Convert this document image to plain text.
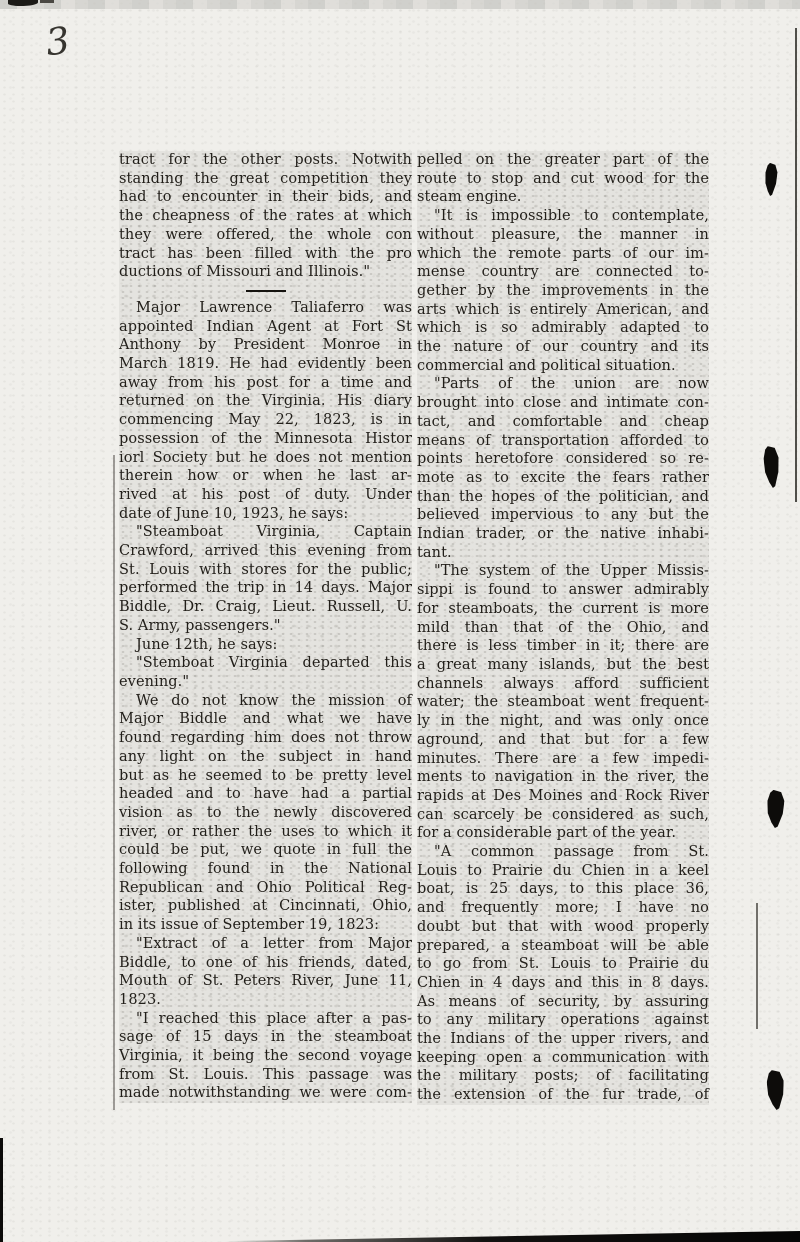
3
tract for the other posts. Notwith
standing the great competition they
had to encounter in their bids, and
the cheapness of the rates at which
they were offered, the whole con
tract has been filled with the pro
ductions of Missouri and Illinois."
Major Lawrence Taliaferro was
appointed Indian Agent at Fort St
Anthony by President Monroe in
March 1819. He had evidently been
away from his post for a time and
returned on the Virginia. His diary
commencing May 22, 1823, is in
possession of the Minnesota Histor
iorl Society but he does not mention
therein how or when he last ar-
rived at his post of duty. Under
date of June 10, 1923, he says:
"Steamboat Virginia, Captain
Crawford, arrived this evening from
St. Louis with stores for the public;
performed the trip in 14 days. Major
Biddle, Dr. Craig, Lieut. Russell, U.
S. Army, passengers."
June 12th, he says:
"Stemboat Virginia departed this
evening."
We do not know the mission of
Major Biddle and what we have
found regarding him does not throw
any light on the subject in hand
but as he seemed to be pretty level
headed and to have had a partial
vision as to the newly discovered
river, or rather the uses to which it
could be put, we quote in full the
following found in the National
Republican and Ohio Political Reg-
ister, published at Cincinnati, Ohio,
in its issue of September 19, 1823:
"Extract of a letter from Major
Biddle, to one of his friends, dated,
Mouth of St. Peters River, June 11,
1823.
"I reached this place after a pas-
sage of 15 days in the steamboat
Virginia, it being the second voyage
from St. Louis. This passage was
made notwithstanding we were com-
pelled on the greater part of the
route to stop and cut wood for the
steam engine.
"It is impossible to contemplate,
without pleasure, the manner in
which the remote parts of our im-
mense country are connected to-
gether by the improvements in the
arts which is entirely American, and
which is so admirably adapted to
the nature of our country and its
commercial and political situation.
"Parts of the union are now
brought into close and intimate con-
tact, and comfortable and cheap
means of transportation afforded to
points heretofore considered so re-
mote as to excite the fears rather
than the hopes of the politician, and
believed impervious to any but the
Indian trader, or the native inhabi-
tant.
"The system of the Upper Missis-
sippi is found to answer admirably
for steamboats, the current is more
mild than that of the Ohio, and
there is less timber in it; there are
a great many islands, but the best
channels always afford sufficient
water; the steamboat went frequent-
ly in the night, and was only once
aground, and that but for a few
minutes. There are a few impedi-
ments to navigation in the river, the
rapids at Des Moines and Rock River
can scarcely be considered as such,
for a considerable part of the year.
"A common passage from St.
Louis to Prairie du Chien in a keel
boat, is 25 days, to this place 36,
and frequently more; I have no
doubt but that with wood properly
prepared, a steamboat will be able
to go from St. Louis to Prairie du
Chien in 4 days and this in 8 days.
As means of security, by assuring
to any military operations against
the Indians of the upper rivers, and
keeping open a communication with
the military posts; of facilitating
the extension of the fur trade, of
